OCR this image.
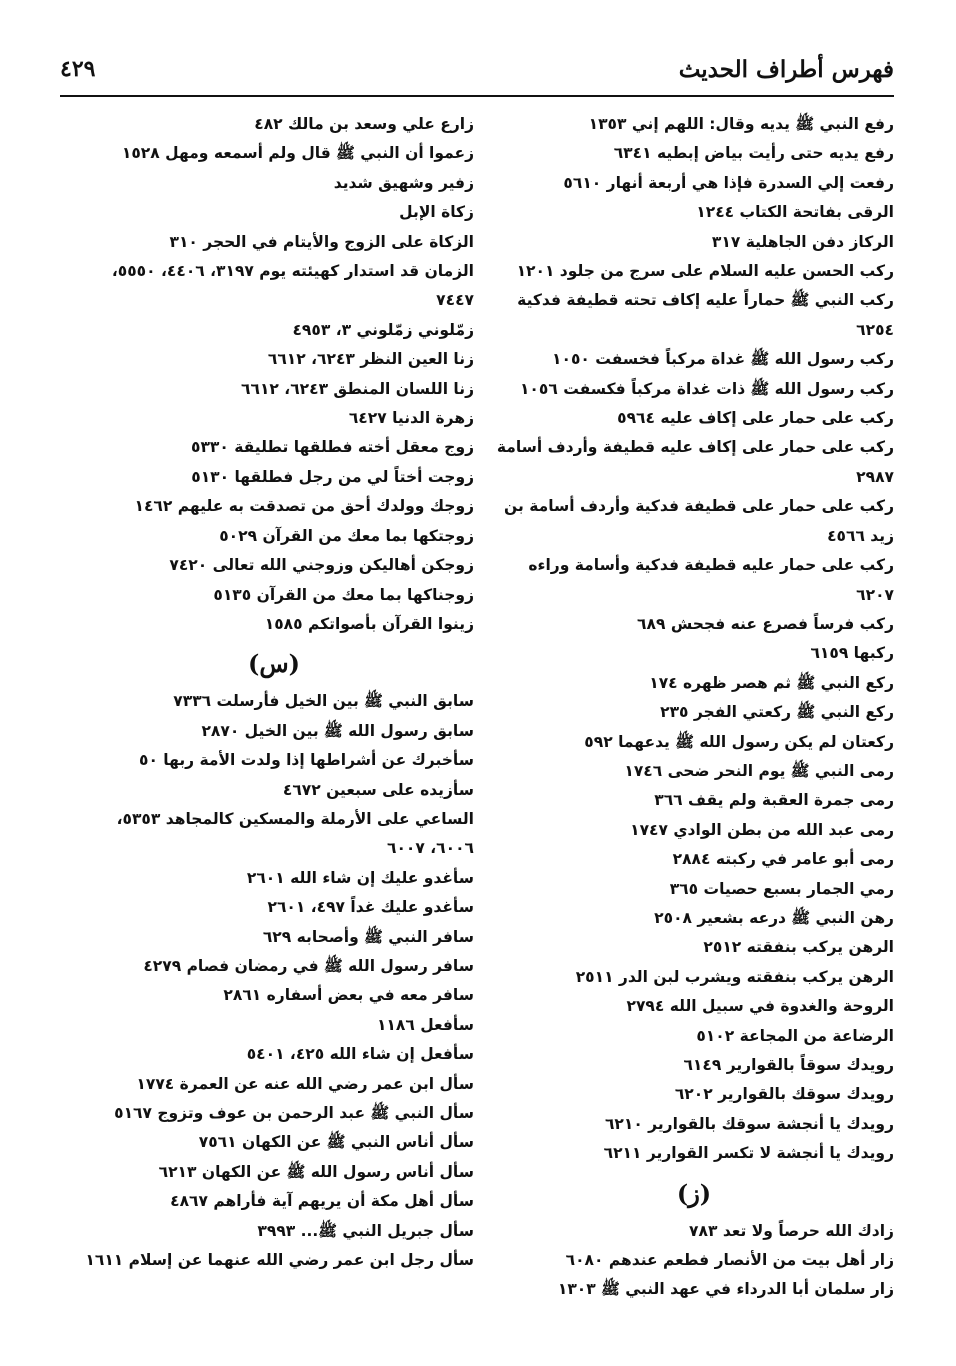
فهرس أطراف الحديث
٤٢٩
رفع النبي ﷺ يديه وقال: اللهم إني ١٣٥٣
رفع يديه حتى رأيت بياض إبطيه ٦٣٤١
رفعت إلي السدرة فإذا هي أربعة أنهار ٥٦١٠
الرقى بفاتحة الكتاب ١٢٤٤
الركاز دفن الجاهلية ٣١٧
ركب الحسن عليه السلام على سرج من جلود ١٢٠١
ركب النبي ﷺ حماراً عليه إكاف تحته قطيفة فدكية ٦٢٥٤
ركب رسول الله ﷺ غداة مركباً فخسفت ١٠٥٠
ركب رسول الله ﷺ ذات غداة مركباً فكسفت ١٠٥٦
ركب على حمار على إكاف عليه ٥٩٦٤
ركب على حمار على إكاف عليه قطيفة وأردف أسامة ٢٩٨٧
ركب على حمار على قطيفة فدكية وأردف أسامة بن زيد ٤٥٦٦
ركب على حمار عليه قطيفة فدكية وأسامة وراءه ٦٢٠٧
ركب فرساً فصرع عنه فجحش ٦٨٩
ركبها ٦١٥٩
ركع النبي ﷺ ثم هصر ظهره ١٧٤
ركع النبي ﷺ ركعتي الفجر ٢٣٥
ركعتان لم يكن رسول الله ﷺ يدعهما ٥٩٢
رمى النبي ﷺ يوم النحر ضحى ١٧٤٦
رمى جمرة العقبة ولم يقف ٣٦٦
رمى عبد الله من بطن الوادي ١٧٤٧
رمى أبو عامر في ركبته ٢٨٨٤
رمي الجمار بسبع حصيات ٣٦٥
رهن النبي ﷺ درعه بشعير ٢٥٠٨
الرهن يركب بنفقته ٢٥١٢
الرهن يركب بنفقته ويشرب لبن الدر ٢٥١١
الروحة والغدوة في سبيل الله ٢٧٩٤
الرضاعة من المجاعة ٥١٠٢
رويدك سوقاً بالقوارير ٦١٤٩
رويدك سوقك بالقوارير ٦٢٠٢
رويدك يا أنجشة سوقك بالقوارير ٦٢١٠
رويدك يا أنجشة لا تكسر القوارير ٦٢١١
(ز)
زادك الله حرصاً ولا تعد ٧٨٣
زار أهل بيت من الأنصار فطعم عندهم ٦٠٨٠
زار سلمان أبا الدرداء في عهد النبي ﷺ ١٣٠٣
زارع علي وسعد بن مالك ٤٨٢
زعموا أن النبي ﷺ قال ولم أسمعه ومهل ١٥٢٨
زفير وشهيق شديد
زكاة الإبل
الزكاة على الزوج والأيتام في الحجر ٣١٠
الزمان قد استدار كهيئته يوم ٣١٩٧، ٤٤٠٦، ٥٥٥٠، ٧٤٤٧
زمّلوني زمّلوني ٣، ٤٩٥٣
زنا العين النظر ٦٢٤٣، ٦٦١٢
زنا اللسان المنطق ٦٢٤٣، ٦٦١٢
زهرة الدنيا ٦٤٢٧
زوج معقل أخته فطلقها تطليقة ٥٣٣٠
زوجت أختاً لي من رجل فطلقها ٥١٣٠
زوجك وولدك أحق من تصدقت به عليهم ١٤٦٢
زوجتكها بما معك من القرآن ٥٠٢٩
زوجكن أهاليكن وزوجني الله تعالى ٧٤٢٠
زوجناكها بما معك من القرآن ٥١٣٥
زينوا القرآن بأصواتكم ١٥٨٥
(س)
سابق النبي ﷺ بين الخيل فأرسلت ٧٣٣٦
سابق رسول الله ﷺ بين الخيل ٢٨٧٠
سأخبرك عن أشراطها إذا ولدت الأمة ربها ٥٠
سأزيده على سبعين ٤٦٧٢
الساعي على الأرملة والمسكين كالمجاهد ٥٣٥٣، ٦٠٠٦، ٦٠٠٧
سأغدو عليك إن شاء الله ٢٦٠١
سأغدو عليك غداً ٤٩٧، ٢٦٠١
سافر النبي ﷺ وأصحابه ٦٢٩
سافر رسول الله ﷺ في رمضان فصام ٤٢٧٩
سافر معه في بعض أسفاره ٢٨٦١
سأفعل ١١٨٦
سأفعل إن شاء الله ٤٢٥، ٥٤٠١
سأل ابن عمر رضي الله عنه عن العمرة ١٧٧٤
سأل النبي ﷺ عبد الرحمن بن عوف وتزوج ٥١٦٧
سأل أناس النبي ﷺ عن الكهان ٧٥٦١
سأل أناس رسول الله ﷺ عن الكهان ٦٢١٣
سأل أهل مكة أن يريهم آية فأراهم ٤٨٦٧
سأل جبريل النبي ﷺ... ٣٩٩٣
سأل رجل ابن عمر رضي الله عنهما عن إسلام ١٦١١
